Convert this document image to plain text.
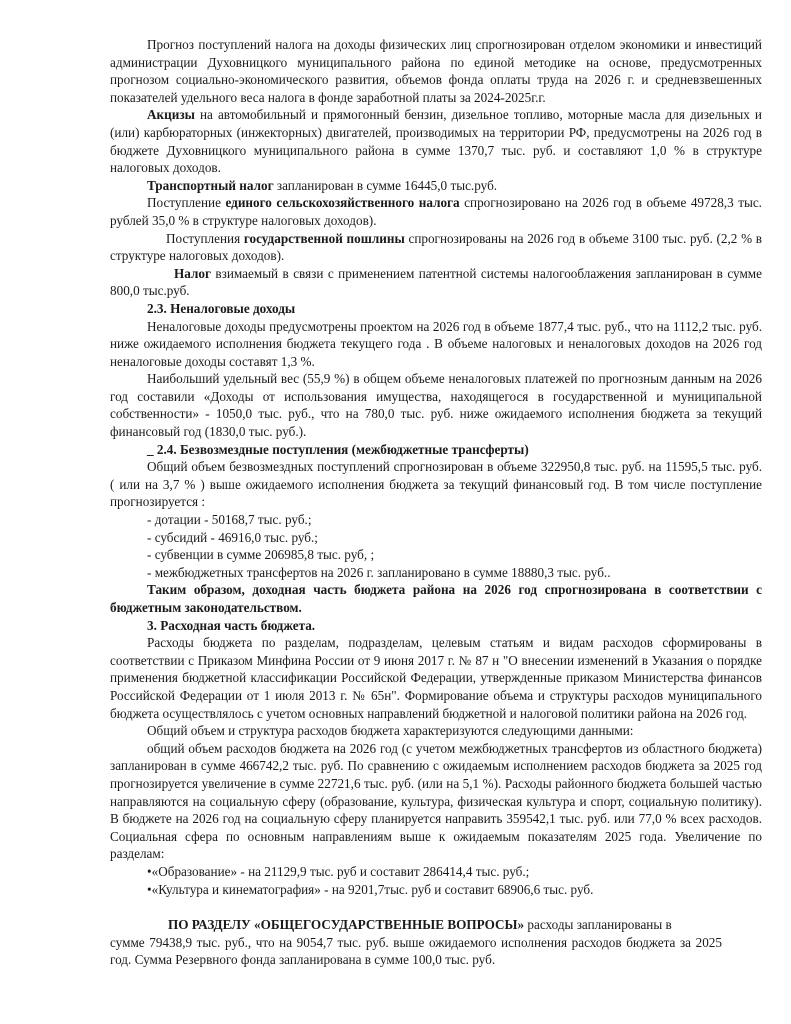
Прогноз поступлений налога на доходы физических лиц спрогнозирован отделом экономики и инвестиций администрации Духовницкого муниципального района по единой методике на основе, предусмотренных прогнозом социально-экономического развития, объемов фонда оплаты труда на 2026 г. и средневзвешенных показателей удельного веса налога в фонде заработной платы за 2024-2025г.г.

Акцизы на автомобильный и прямогонный бензин, дизельное топливо, моторные масла для дизельных и (или) карбюраторных (инжекторных) двигателей, производимых на территории РФ, предусмотрены на 2026 год в бюджете Духовницкого муниципального района в сумме 1370,7 тыс. руб. и составляют 1,0 % в структуре налоговых доходов.

Транспортный налог запланирован в сумме 16445,0 тыс.руб.

Поступление единого сельскохозяйственного налога спрогнозировано на 2026 год в объеме 49728,3 тыс. рублей 35,0 % в структуре налоговых доходов).

Поступления государственной пошлины спрогнозированы на 2026 год в объеме 3100 тыс. руб. (2,2 % в структуре налоговых доходов).

Налог взимаемый в связи с применением патентной системы налогооблажения запланирован в сумме 800,0 тыс.руб.

2.3. Неналоговые доходы

Неналоговые доходы предусмотрены проектом на 2026 год в объеме 1877,4 тыс. руб., что на 1112,2 тыс. руб. ниже ожидаемого исполнения бюджета текущего года . В объеме налоговых и неналоговых доходов на 2026 год неналоговые доходы составят 1,3 %.

Наибольший удельный вес (55,9 %) в общем объеме неналоговых платежей по прогнозным данным на 2026 год составили «Доходы от использования имущества, находящегося в государственной и муниципальной собственности» - 1050,0 тыс. руб., что на 780,0 тыс. руб. ниже ожидаемого исполнения бюджета за текущий финансовый год (1830,0 тыс. руб.).

_ 2.4. Безвозмездные поступления (межбюджетные трансферты)

Общий объем безвозмездных поступлений спрогнозирован в объеме 322950,8 тыс. руб. на 11595,5 тыс. руб. ( или на 3,7 % ) выше ожидаемого исполнения бюджета за текущий финансовый год. В том числе поступление прогнозируется :

- дотации - 50168,7 тыс. руб.;

- субсидий - 46916,0 тыс. руб.;

- субвенции в сумме 206985,8 тыс. руб, ;

- межбюджетных трансфертов на 2026 г. запланировано в сумме 18880,3 тыс. руб..

Таким образом, доходная часть бюджета района на 2026 год спрогнозирована в соответствии с бюджетным законодательством.

3. Расходная часть бюджета.

Расходы бюджета по разделам, подразделам, целевым статьям и видам расходов сформированы в соответствии с Приказом Минфина России от 9 июня 2017 г. № 87 н "О внесении изменений в Указания о порядке применения бюджетной классификации Российской Федерации, утвержденные приказом Министерства финансов Российской Федерации от 1 июля 2013 г. № 65н". Формирование объема и структуры расходов муниципального бюджета осуществлялось с учетом основных направлений бюджетной и налоговой политики района на 2026 год.

Общий объем и структура расходов бюджета характеризуются следующими данными:

общий объем расходов бюджета на 2026 год (с учетом межбюджетных трансфертов из областного бюджета) запланирован в сумме 466742,2 тыс. руб. По сравнению с ожидаемым исполнением расходов бюджета за 2025 год прогнозируется увеличение в сумме 22721,6 тыс. руб. (или на 5,1 %). Расходы районного бюджета большей частью направляются на социальную сферу (образование, культура, физическая культура и спорт, социальную политику). В бюджете на 2026 год на социальную сферу планируется направить 359542,1 тыс. руб. или 77,0 % всех расходов. Социальная сфера по основным направлениям выше к ожидаемым показателям 2025 года. Увеличение по разделам:

•«Образование» - на 21129,9 тыс. руб и составит 286414,4 тыс. руб.;

•«Культура и кинематография» - на 9201,7тыс. руб и составит 68906,6 тыс. руб.

ПО РАЗДЕЛУ «ОБЩЕГОСУДАРСТВЕННЫЕ ВОПРОСЫ» расходы запланированы в

сумме 79438,9 тыс. руб., что на 9054,7 тыс. руб. выше ожидаемого исполнения расходов бюджета за 2025 год. Сумма Резервного фонда запланирована в сумме 100,0 тыс. руб.
